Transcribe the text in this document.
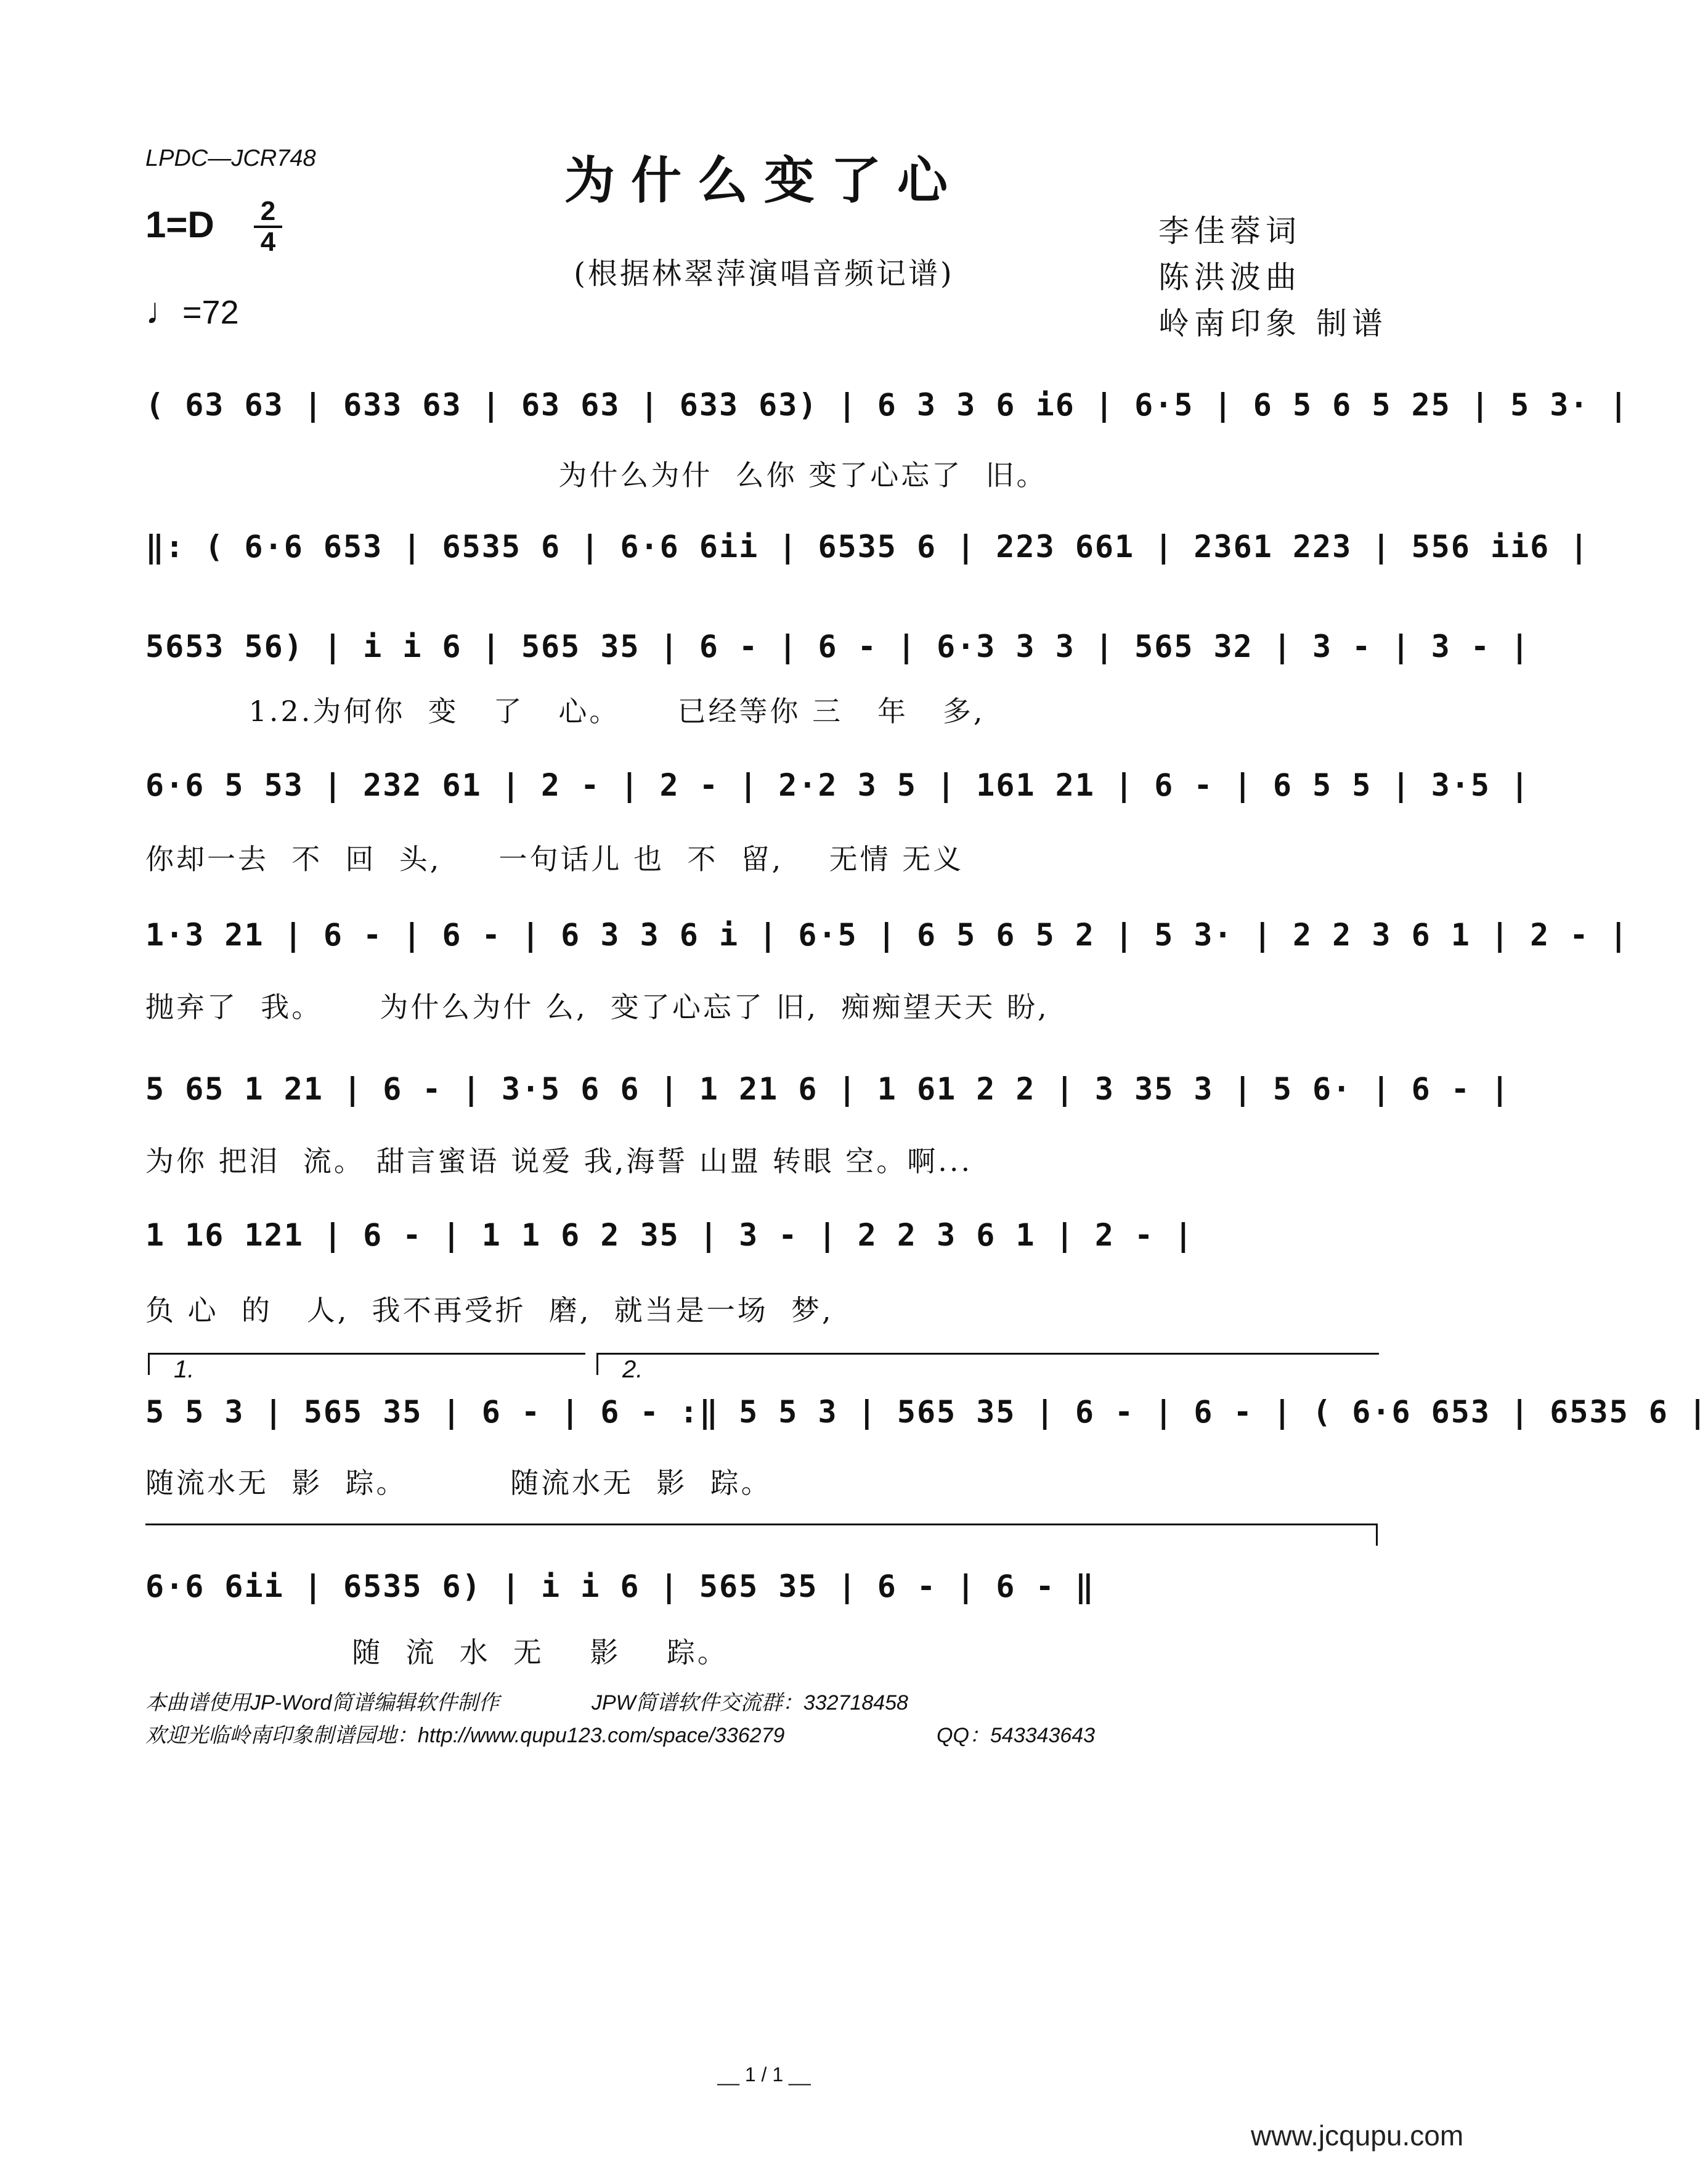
LPDC—JCR748	为什么变了心
(根据林翠萍演唱音频记谱)
1=D 2
4
♩=72
李佳蓉词
陈洪波曲
岭南印象 制谱
( 63 63 | 633 63 | 63 63 | 633 63) | 6 3 3 6 i6 | 6·5 | 6 5 6 5 25 | 5 3· |
为什么为什  么你 变了心忘了  旧。
‖: ( 6·6 653 | 6535 6 | 6·6 6ii | 6535 6 | 223 661 | 2361 223 | 556 ii6 |
5653 56) | i i 6 | 565 35 | 6 - | 6 - | 6·3 3 3 | 565 32 | 3 - | 3 - |
1.2.为何你  变   了   心。     已经等你 三   年   多,
6·6 5 53 | 232 61 | 2 - | 2 - | 2·2 3 5 | 161 21 | 6 - | 6 5 5 | 3·5 |
你却一去  不  回  头,     一句话儿 也  不  留,    无情 无义
1·3 21 | 6 - | 6 - | 6 3 3 6 i | 6·5 | 6 5 6 5 2 | 5 3· | 2 2 3 6 1 | 2 - |
抛弃了  我。     为什么为什 么,  变了心忘了 旧,  痴痴望天天 盼,
5 65 1 21 | 6 - | 3·5 6 6 | 1 21 6 | 1 61 2 2 | 3 35 3 | 5 6· | 6 - |
为你 把泪  流。 甜言蜜语 说爱 我,海誓 山盟 转眼 空。啊...
1 16 121 | 6 - | 1 1 6 2 35 | 3 - | 2 2 3 6 1 | 2 - |
负 心  的   人,  我不再受折  磨,  就当是一场  梦,
1.	2.
5 5 3 | 565 35 | 6 - | 6 - :‖ 5 5 3 | 565 35 | 6 - | 6 - | ( 6·6 653 | 6535 6 |
随流水无  影  踪。         随流水无  影  踪。
6·6 6ii | 6535 6) | i i 6 | 565 35 | 6 - | 6 - ‖
随  流  水  无    影    踪。
本曲谱使用JP-Word简谱编辑软件制作	JPW简谱软件交流群：332718458
欢迎光临岭南印象制谱园地：http://www.qupu123.com/space/336279	QQ：543343643
__ 1 / 1 __
www.jcqupu.com
